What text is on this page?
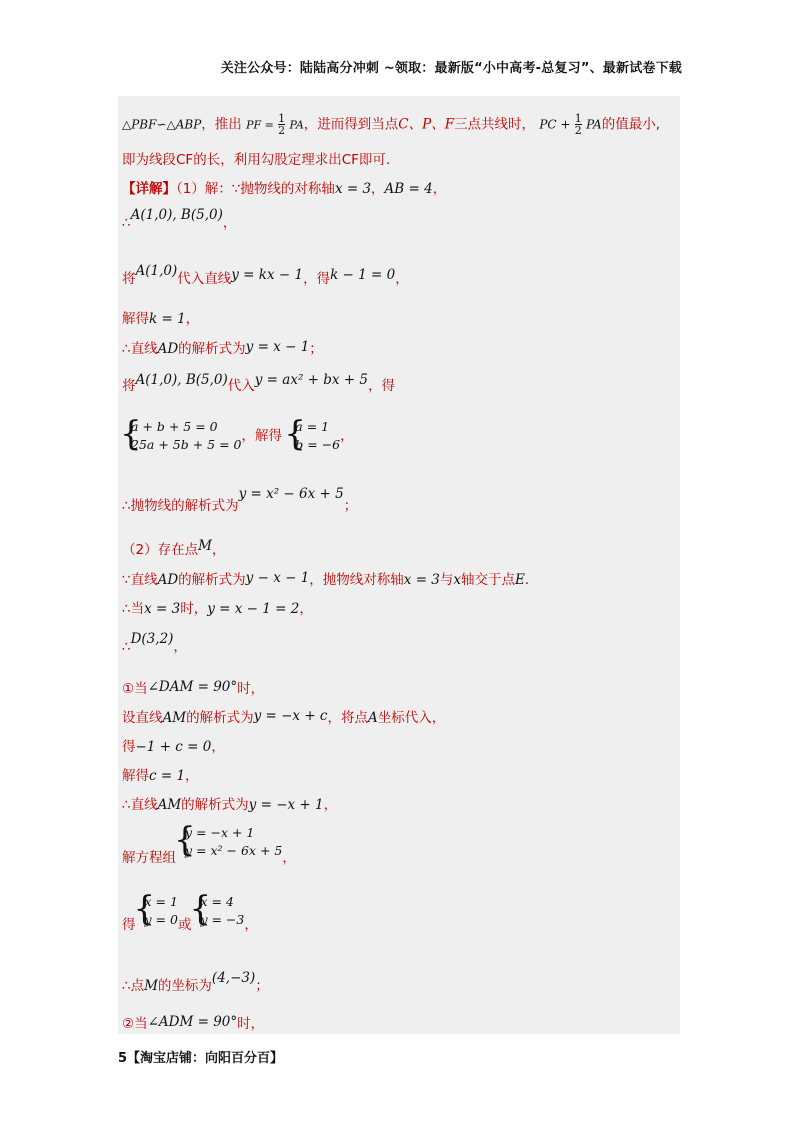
关注公众号：陆陆高分冲刺 ~领取：最新版“小中高考-总复习”、最新试卷下载
△PBF∽△ABP，推出 PF = $\frac{1}{2}$ PA，进而得到当点C、P、F三点共线时， PC + $\frac{1}{2}$ PA的值最小,
即为线段CF的长，利用勾股定理求出CF即可.
【详解】（1）解：∵抛物线的对称轴x = 3，AB = 4，
∴A(1,0), B(5,0)，
将A(1,0)代入直线y = kx − 1，得k − 1 = 0，
解得k = 1，
∴直线AD的解析式为y = x − 1；
将A(1,0), B(5,0)代入y = ax² + bx + 5，得
{ a + b + 5 = 0
25a + 5b + 5 = 0
，解得
{ a = 1
b = −6
，
∴抛物线的解析式为y = x² − 6x + 5；
（2）存在点M，
∵直线AD的解析式为y − x − 1，抛物线对称轴x = 3与x轴交于点E.
∴当x = 3时，y = x − 1 = 2，
∴D(3,2)，
①当∠DAM = 90°时，
设直线AM的解析式为y = −x + c，将点A坐标代入，
得−1 + c = 0，
解得c = 1，
∴直线AM的解析式为y = −x + 1，
解方程组
{ y = −x + 1
y = x² − 6x + 5 ，
得
{ x = 1
y = 0 或
{ x = 4
y = −3 ，
∴点M的坐标为(4,−3)；
②当∠ADM = 90°时，
5【淘宝店铺：向阳百分百】
